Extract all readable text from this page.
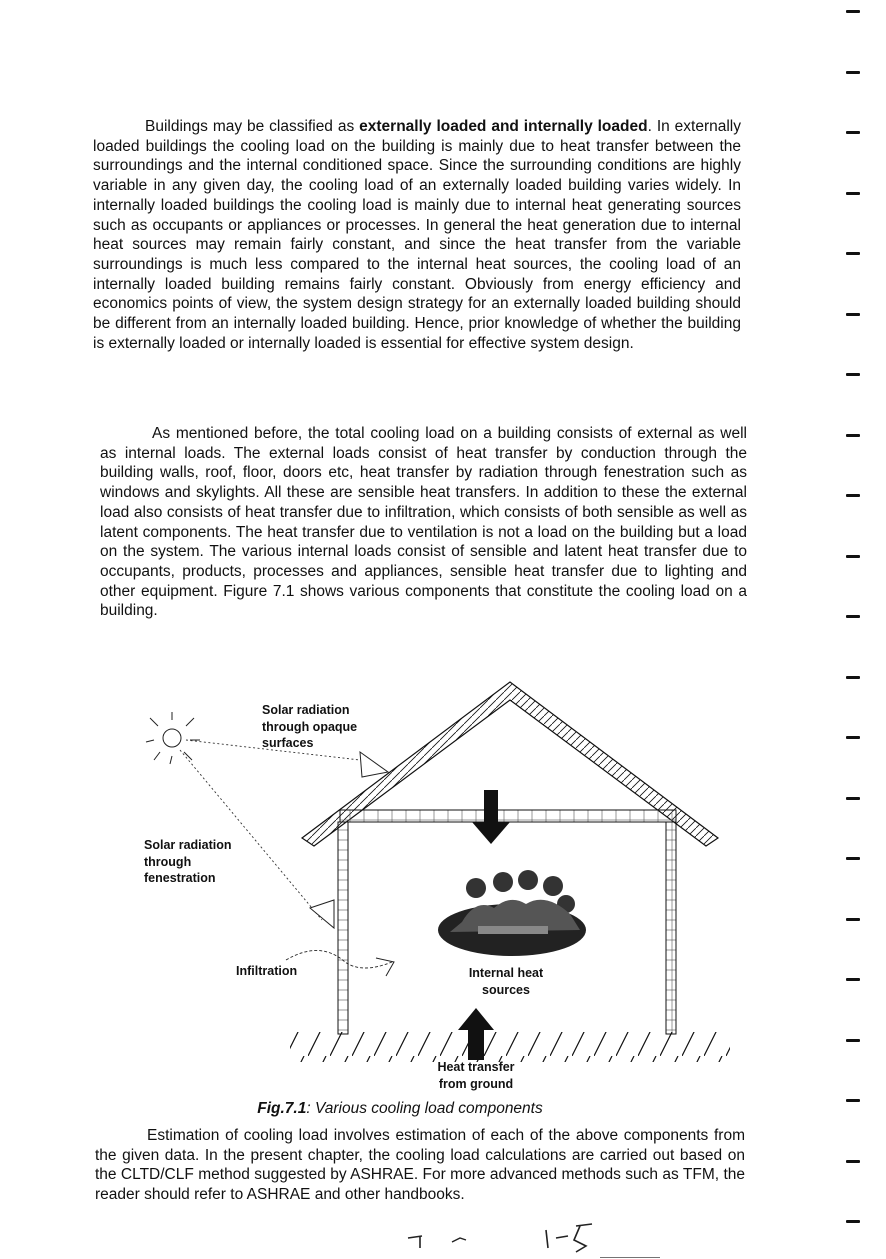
Buildings may be classified as externally loaded and internally loaded. In externally loaded buildings the cooling load on the building is mainly due to heat transfer between the surroundings and the internal conditioned space. Since the surrounding conditions are highly variable in any given day, the cooling load of an externally loaded building varies widely. In internally loaded buildings the cooling load is mainly due to internal heat generating sources such as occupants or appliances or processes. In general the heat generation due to internal heat sources may remain fairly constant, and since the heat transfer from the variable surroundings is much less compared to the internal heat sources, the cooling load of an internally loaded building remains fairly constant. Obviously from energy efficiency and economics points of view, the system design strategy for an externally loaded building should be different from an internally loaded building. Hence, prior knowledge of whether the building is externally loaded or internally loaded is essential for effective system design.

As mentioned before, the total cooling load on a building consists of external as well as internal loads. The external loads consist of heat transfer by conduction through the building walls, roof, floor, doors etc, heat transfer by radiation through fenestration such as windows and skylights. All these are sensible heat transfers. In addition to these the external load also consists of heat transfer due to infiltration, which consists of both sensible as well as latent components. The heat transfer due to ventilation is not a load on the building but a load on the system. The various internal loads consist of sensible and latent heat transfer due to occupants, products, processes and appliances, sensible heat transfer due to lighting and other equipment. Figure 7.1 shows various components that constitute the cooling load on a building.

Solar radiation
through opaque
surfaces
Solar radiation
through
fenestration
Infiltration	Internal heat
sources
Heat transfer
from ground
Fig.7.1: Various cooling load components

Estimation of cooling load involves estimation of each of the above components from the given data. In the present chapter, the cooling load calculations are carried out based on the CLTD/CLF method suggested by ASHRAE. For more advanced methods such as TFM, the reader should refer to ASHRAE and other handbooks.
